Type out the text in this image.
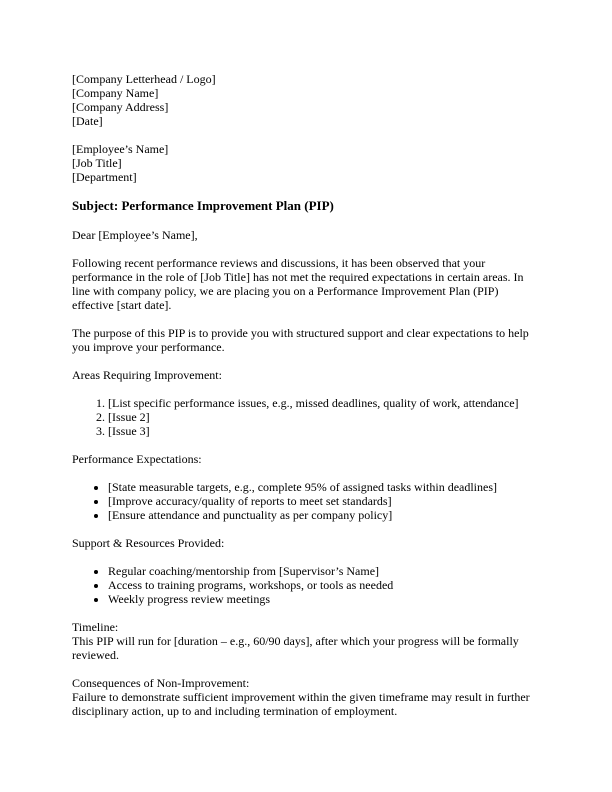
[Company Letterhead / Logo]
[Company Name]
[Company Address]
[Date]
[Employee’s Name]
[Job Title]
[Department]
Subject: Performance Improvement Plan (PIP)

Dear [Employee’s Name],

Following recent performance reviews and discussions, it has been observed that your performance in the role of [Job Title] has not met the required expectations in certain areas. In line with company policy, we are placing you on a Performance Improvement Plan (PIP) effective [start date].

The purpose of this PIP is to provide you with structured support and clear expectations to help you improve your performance.

Areas Requiring Improvement:
1. [List specific performance issues, e.g., missed deadlines, quality of work, attendance]
2. [Issue 2]
3. [Issue 3]
Performance Expectations:
• [State measurable targets, e.g., complete 95% of assigned tasks within deadlines]
• [Improve accuracy/quality of reports to meet set standards]
• [Ensure attendance and punctuality as per company policy]
Support & Resources Provided:
• Regular coaching/mentorship from [Supervisor’s Name]
• Access to training programs, workshops, or tools as needed
• Weekly progress review meetings
Timeline:

This PIP will run for [duration – e.g., 60/90 days], after which your progress will be formally reviewed.

Consequences of Non-Improvement:

Failure to demonstrate sufficient improvement within the given timeframe may result in further disciplinary action, up to and including termination of employment.
